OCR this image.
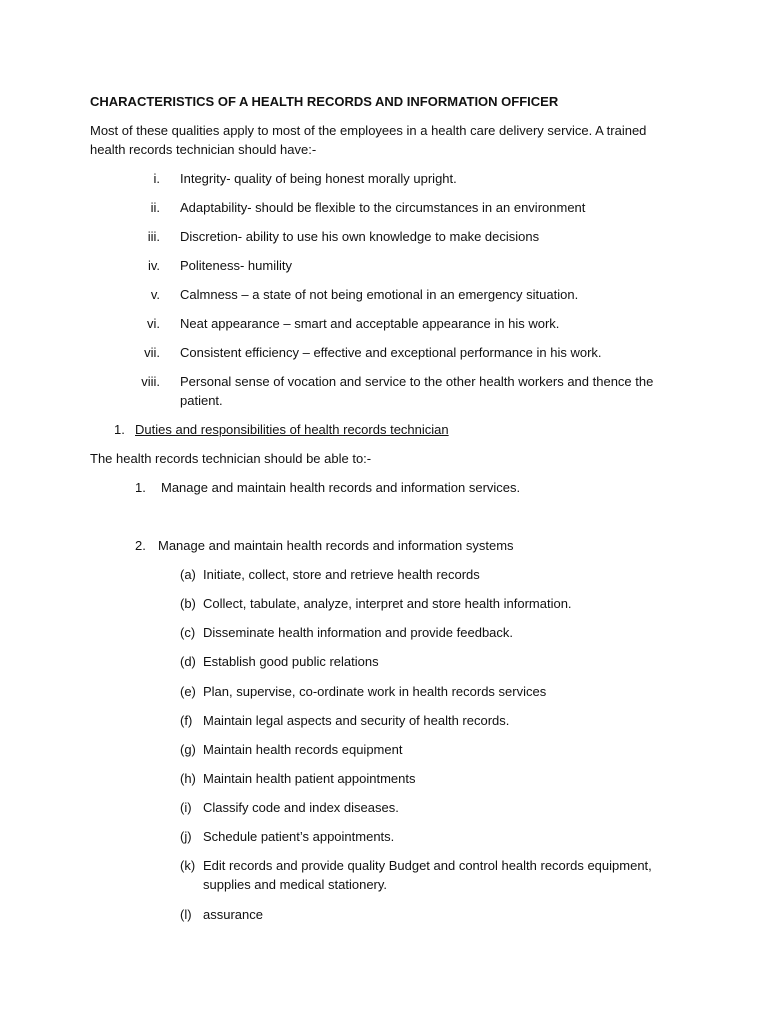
CHARACTERISTICS OF A HEALTH RECORDS AND INFORMATION OFFICER
Most of these qualities apply to most of the employees in a health care delivery service. A trained
health records technician should have:-
i. Integrity- quality of being honest morally upright.
ii. Adaptability- should be flexible to the circumstances in an environment
iii. Discretion- ability to use his own knowledge to make decisions
iv. Politeness- humility
v. Calmness – a state of not being emotional in an emergency situation.
vi. Neat appearance – smart and acceptable appearance in his work.
vii. Consistent efficiency – effective and exceptional performance in his work.
viii. Personal sense of vocation and service to the other health workers and thence the
patient.
1. Duties and responsibilities of health records technician
The health records technician should be able to:-
1.	Manage and maintain health records and information services.
2. Manage and maintain health records and information systems
(a) Initiate, collect, store and retrieve health records
(b) Collect, tabulate, analyze, interpret and store health information.
(c) Disseminate health information and provide feedback.
(d) Establish good public relations
(e) Plan, supervise, co-ordinate work in health records services
(f) Maintain legal aspects and security of health records.
(g) Maintain health records equipment
(h) Maintain health patient appointments
(i) Classify code and index diseases.
(j) Schedule patient’s appointments.
(k) Edit records and provide quality Budget and control health records equipment,
supplies and medical stationery.
(l) assurance
